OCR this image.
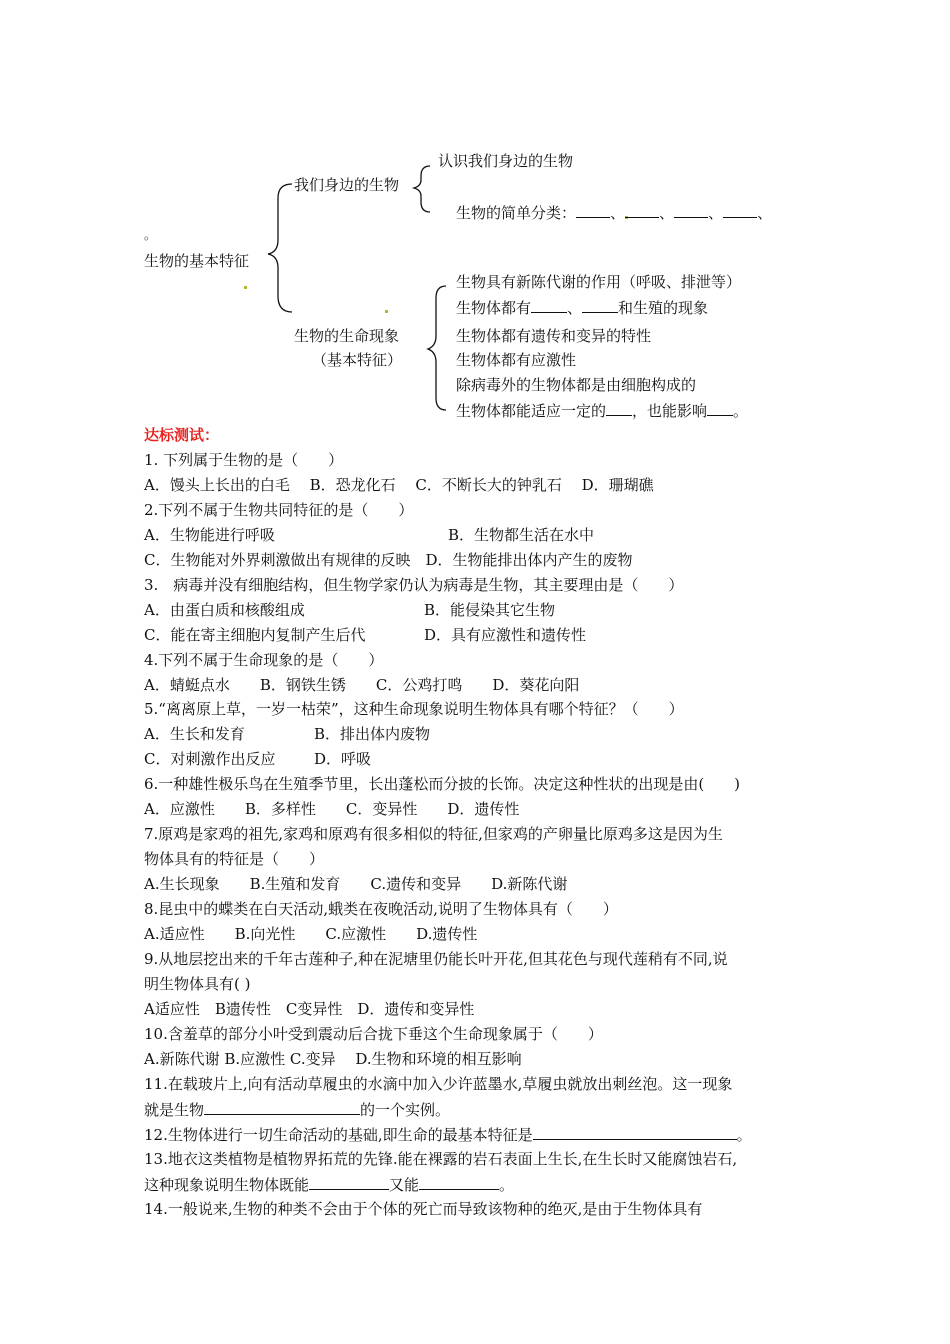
认识我们身边的生物
我们身边的生物
生物的简单分类： 、 、 、 、
。
生物的基本特征
生物具有新陈代谢的作用（呼吸、排泄等）
生物体都有 、 和生殖的现象
生物的生命现象	生物体都有遗传和变异的特性
（基本特征）	生物体都有应激性
除病毒外的生物体都是由细胞构成的
生物体都能适应一定的 ，也能影响 。
达标测试：
1. 下列属于生物的是（　　）
A．馒头上长出的白毛　 B．恐龙化石　 C．不断长大的钟乳石　 D．珊瑚礁
2.下列不属于生物共同特征的是（　　）
A．生物能进行呼吸	B．生物都生活在水中
C．生物能对外界刺激做出有规律的反映　D．生物能排出体内产生的废物
3.　病毒并没有细胞结构，但生物学家仍认为病毒是生物，其主要理由是（　　）
A．由蛋白质和核酸组成	B．能侵染其它生物
C．能在寄主细胞内复制产生后代	D．具有应激性和遗传性
4.下列不属于生命现象的是（　　）
A．蜻蜓点水　　B．钢铁生锈　　C．公鸡打鸣　　D．葵花向阳
5.“离离原上草，一岁一枯荣”，这种生命现象说明生物体具有哪个特征？（　　）
A．生长和发育	B．排出体内废物
C．对刺激作出反应	D．呼吸
6.一种雄性极乐鸟在生殖季节里，长出蓬松而分披的长饰。决定这种性状的出现是由(　　)
A．应激性　　B．多样性　　C．变异性　　D．遗传性
7.原鸡是家鸡的祖先,家鸡和原鸡有很多相似的特征,但家鸡的产卵量比原鸡多这是因为生
物体具有的特征是（　　）
A.生长现象　　B.生殖和发育　　C.遗传和变异　　D.新陈代谢
8.昆虫中的蝶类在白天活动,蛾类在夜晚活动,说明了生物体具有（　　）
A.适应性　　B.向光性　　C.应激性　　D.遗传性
9.从地层挖出来的千年古莲种子,种在泥塘里仍能长叶开花,但其花色与现代莲稍有不同,说
明生物体具有( )
A适应性　B遗传性　C变异性　D．遗传和变异性
10.含羞草的部分小叶受到震动后合拢下垂这个生命现象属于（　　）
A.新陈代谢 B.应激性 C.变异　 D.生物和环境的相互影响
11.在载玻片上,向有活动草履虫的水滴中加入少许蓝墨水,草履虫就放出刺丝泡。这一现象
就是生物	的一个实例。
12.生物体进行一切生命活动的基础,即生命的最基本特征是	。
13.地衣这类植物是植物界拓荒的先锋.能在裸露的岩石表面上生长,在生长时又能腐蚀岩石,
这种现象说明生物体既能	又能	。
14.一般说来,生物的种类不会由于个体的死亡而导致该物种的绝灭,是由于生物体具有
